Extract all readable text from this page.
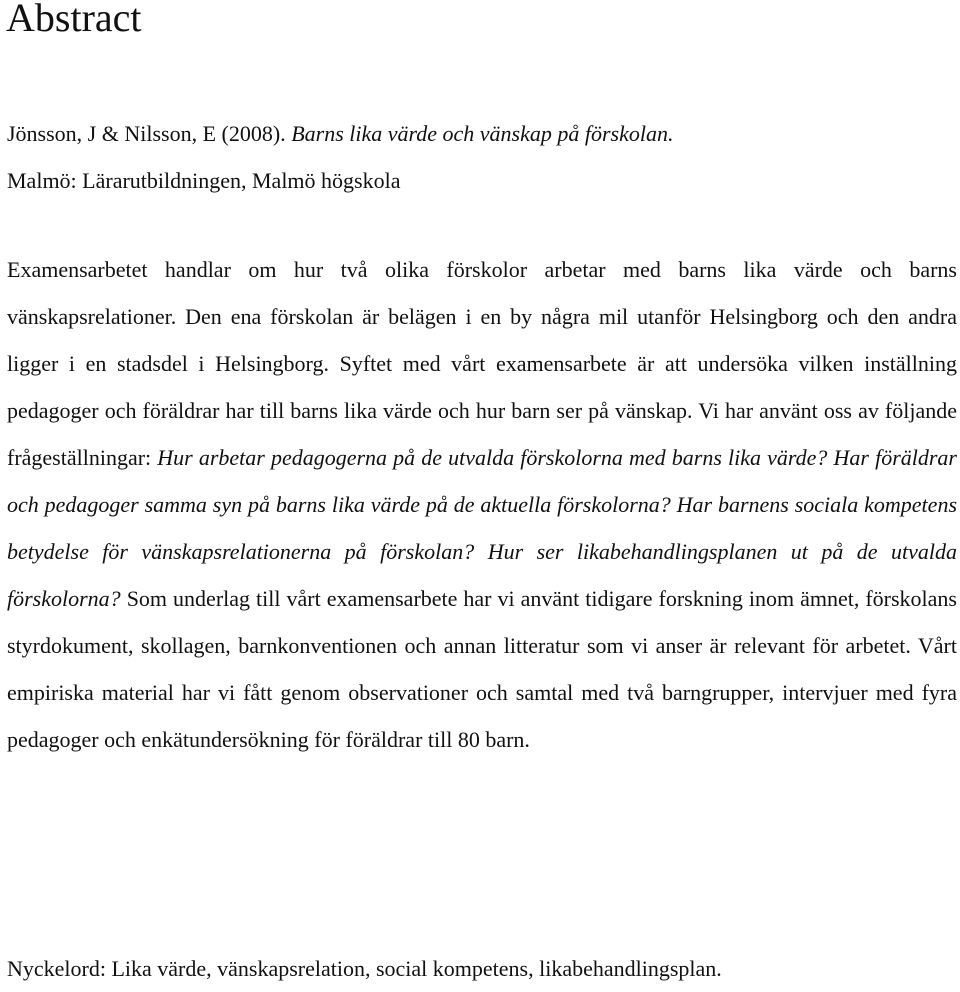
Abstract

Jönsson, J & Nilsson, E (2008). Barns lika värde och vänskap på förskolan.
Malmö: Lärarutbildningen, Malmö högskola

Examensarbetet handlar om hur två olika förskolor arbetar med barns lika värde och barns vänskapsrelationer. Den ena förskolan är belägen i en by några mil utanför Helsingborg och den andra ligger i en stadsdel i Helsingborg. Syftet med vårt examensarbete är att undersöka vilken inställning pedagoger och föräldrar har till barns lika värde och hur barn ser på vänskap. Vi har använt oss av följande frågeställningar: Hur arbetar pedagogerna på de utvalda förskolorna med barns lika värde? Har föräldrar och pedagoger samma syn på barns lika värde på de aktuella förskolorna? Har barnens sociala kompetens betydelse för vänskapsrelationerna på förskolan? Hur ser likabehandlingsplanen ut på de utvalda förskolorna? Som underlag till vårt examensarbete har vi använt tidigare forskning inom ämnet, förskolans styrdokument, skollagen, barnkonventionen och annan litteratur som vi anser är relevant för arbetet. Vårt empiriska material har vi fått genom observationer och samtal med två barngrupper, intervjuer med fyra pedagoger och enkätundersökning för föräldrar till 80 barn.

Nyckelord: Lika värde, vänskapsrelation, social kompetens, likabehandlingsplan.
